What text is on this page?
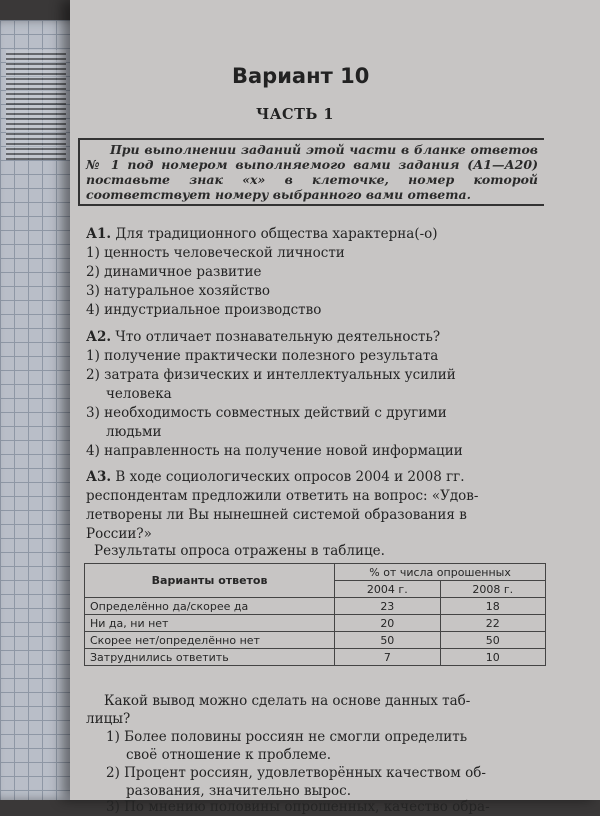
Вариант 10
ЧАСТЬ 1

При выполнении заданий этой части в бланке ответов № 1 под номером выполняемого вами задания (А1—А20) поставьте знак «х» в клеточке, номер которой соответствует номеру выбранного вами ответа.

А1. Для традиционного общества характерна(-о)
1) ценность человеческой личности
2) динамичное развитие
3) натуральное хозяйство
4) индустриальное производство
А2. Что отличает познавательную деятельность?
1) получение практически полезного результата
2) затрата физических и интеллектуальных усилий
человека
3) необходимость совместных действий с другими
людьми
4) направленность на получение новой информации
А3. В ходе социологических опросов 2004 и 2008 гг.
респондентам предложили ответить на вопрос: «Удов-
летворены ли Вы нынешней системой образования в
России?»
Результаты опроса отражены в таблице.
Варианты ответов	% от числа опрошенных	
	2004 г.	2008 г.
Определённо да/скорее да	23	18
Ни да, ни нет	20	22
Скорее нет/определённо нет	50	50
Затруднились ответить	7	10
Какой вывод можно сделать на основе данных таб-
лицы?
1) Более половины россиян не смогли определить
своё отношение к проблеме.
2) Процент россиян, удовлетворённых качеством об-
разования, значительно вырос.
3) По мнению половины опрошенных, качество обра-
